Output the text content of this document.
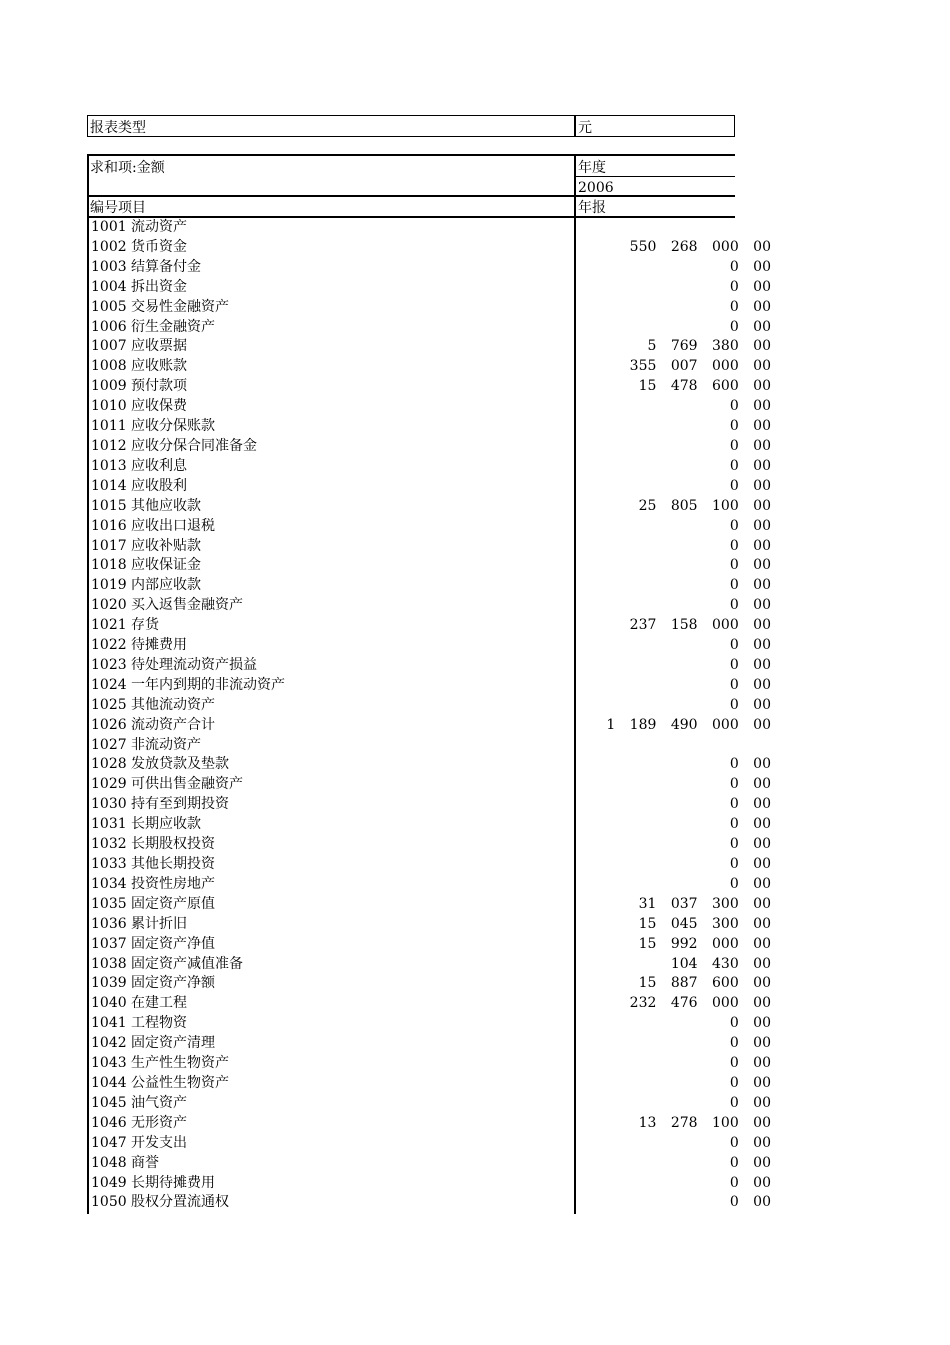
报表类型	元
求和项:金额	年度
2006
编号项目	年报
1001 流动资产
1002 货币资金	550 268 000 00
1003 结算备付金	0 00
1004 拆出资金	0 00
1005 交易性金融资产	0 00
1006 衍生金融资产	0 00
1007 应收票据	5 769 380 00
1008 应收账款	355 007 000 00
1009 预付款项	15 478 600 00
1010 应收保费	0 00
1011 应收分保账款	0 00
1012 应收分保合同准备金	0 00
1013 应收利息	0 00
1014 应收股利	0 00
1015 其他应收款	25 805 100 00
1016 应收出口退税	0 00
1017 应收补贴款	0 00
1018 应收保证金	0 00
1019 内部应收款	0 00
1020 买入返售金融资产	0 00
1021 存货	237 158 000 00
1022 待摊费用	0 00
1023 待处理流动资产损益	0 00
1024 一年内到期的非流动资产	0 00
1025 其他流动资产	0 00
1026 流动资产合计	1 189 490 000 00
1027 非流动资产
1028 发放贷款及垫款	0 00
1029 可供出售金融资产	0 00
1030 持有至到期投资	0 00
1031 长期应收款	0 00
1032 长期股权投资	0 00
1033 其他长期投资	0 00
1034 投资性房地产	0 00
1035 固定资产原值	31 037 300 00
1036 累计折旧	15 045 300 00
1037 固定资产净值	15 992 000 00
1038 固定资产减值准备	104 430 00
1039 固定资产净额	15 887 600 00
1040 在建工程	232 476 000 00
1041 工程物资	0 00
1042 固定资产清理	0 00
1043 生产性生物资产	0 00
1044 公益性生物资产	0 00
1045 油气资产	0 00
1046 无形资产	13 278 100 00
1047 开发支出	0 00
1048 商誉	0 00
1049 长期待摊费用	0 00
1050 股权分置流通权	0 00
